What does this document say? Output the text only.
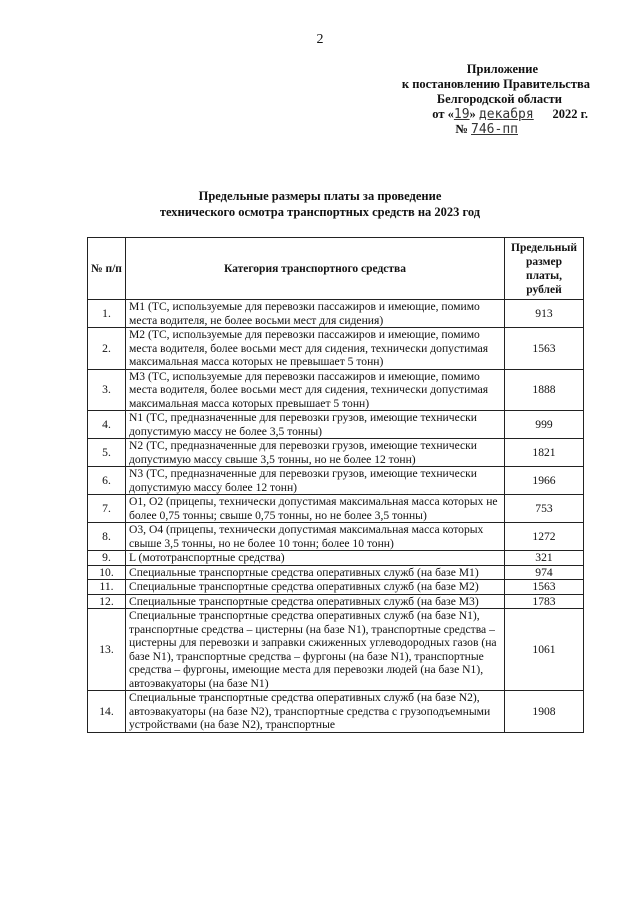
2
Приложение
к постановлению Правительства
Белгородской области
от «19» декабря 2022 г.
№ 746-пп
Предельные размеры платы за проведение
технического осмотра транспортных средств на 2023 год
№ п/п	Категория транспортного средства	Предельный размер платы, рублей
1.	М1 (ТС, используемые для перевозки пассажиров и имеющие, помимо места водителя, не более восьми мест для сидения)	913
2.	М2 (ТС, используемые для перевозки пассажиров и имеющие, помимо места водителя, более восьми мест для сидения, технически допустимая максимальная масса которых не превышает 5 тонн)	1563
3.	М3 (ТС, используемые для перевозки пассажиров и имеющие, помимо места водителя, более восьми мест для сидения, технически допустимая максимальная масса которых превышает 5 тонн)	1888
4.	N1 (ТС, предназначенные для перевозки грузов, имеющие технически допустимую массу не более 3,5 тонны)	999
5.	N2 (ТС, предназначенные для перевозки грузов, имеющие технически допустимую массу свыше 3,5 тонны, но не более 12 тонн)	1821
6.	N3 (ТС, предназначенные для перевозки грузов, имеющие технически допустимую массу более 12 тонн)	1966
7.	О1, О2 (прицепы, технически допустимая максимальная масса которых не более 0,75 тонны; свыше 0,75 тонны, но не более 3,5 тонны)	753
8.	О3, О4 (прицепы, технически допустимая максимальная масса которых свыше 3,5 тонны, но не более 10 тонн; более 10 тонн)	1272
9.	L (мототранспортные средства)	321
10.	Специальные транспортные средства оперативных служб (на базе М1)	974
11.	Специальные транспортные средства оперативных служб (на базе М2)	1563
12.	Специальные транспортные средства оперативных служб (на базе М3)	1783
13.	Специальные транспортные средства оперативных служб (на базе N1), транспортные средства – цистерны (на базе N1), транспортные средства – цистерны для перевозки и заправки сжиженных углеводородных газов (на базе N1), транспортные средства – фургоны (на базе N1), транспортные средства – фургоны, имеющие места для перевозки людей (на базе N1), автоэвакуаторы (на базе N1)	1061
14.	Специальные транспортные средства оперативных служб (на базе N2), автоэвакуаторы (на базе N2), транспортные средства с грузоподъемными устройствами (на базе N2), транспортные	1908
